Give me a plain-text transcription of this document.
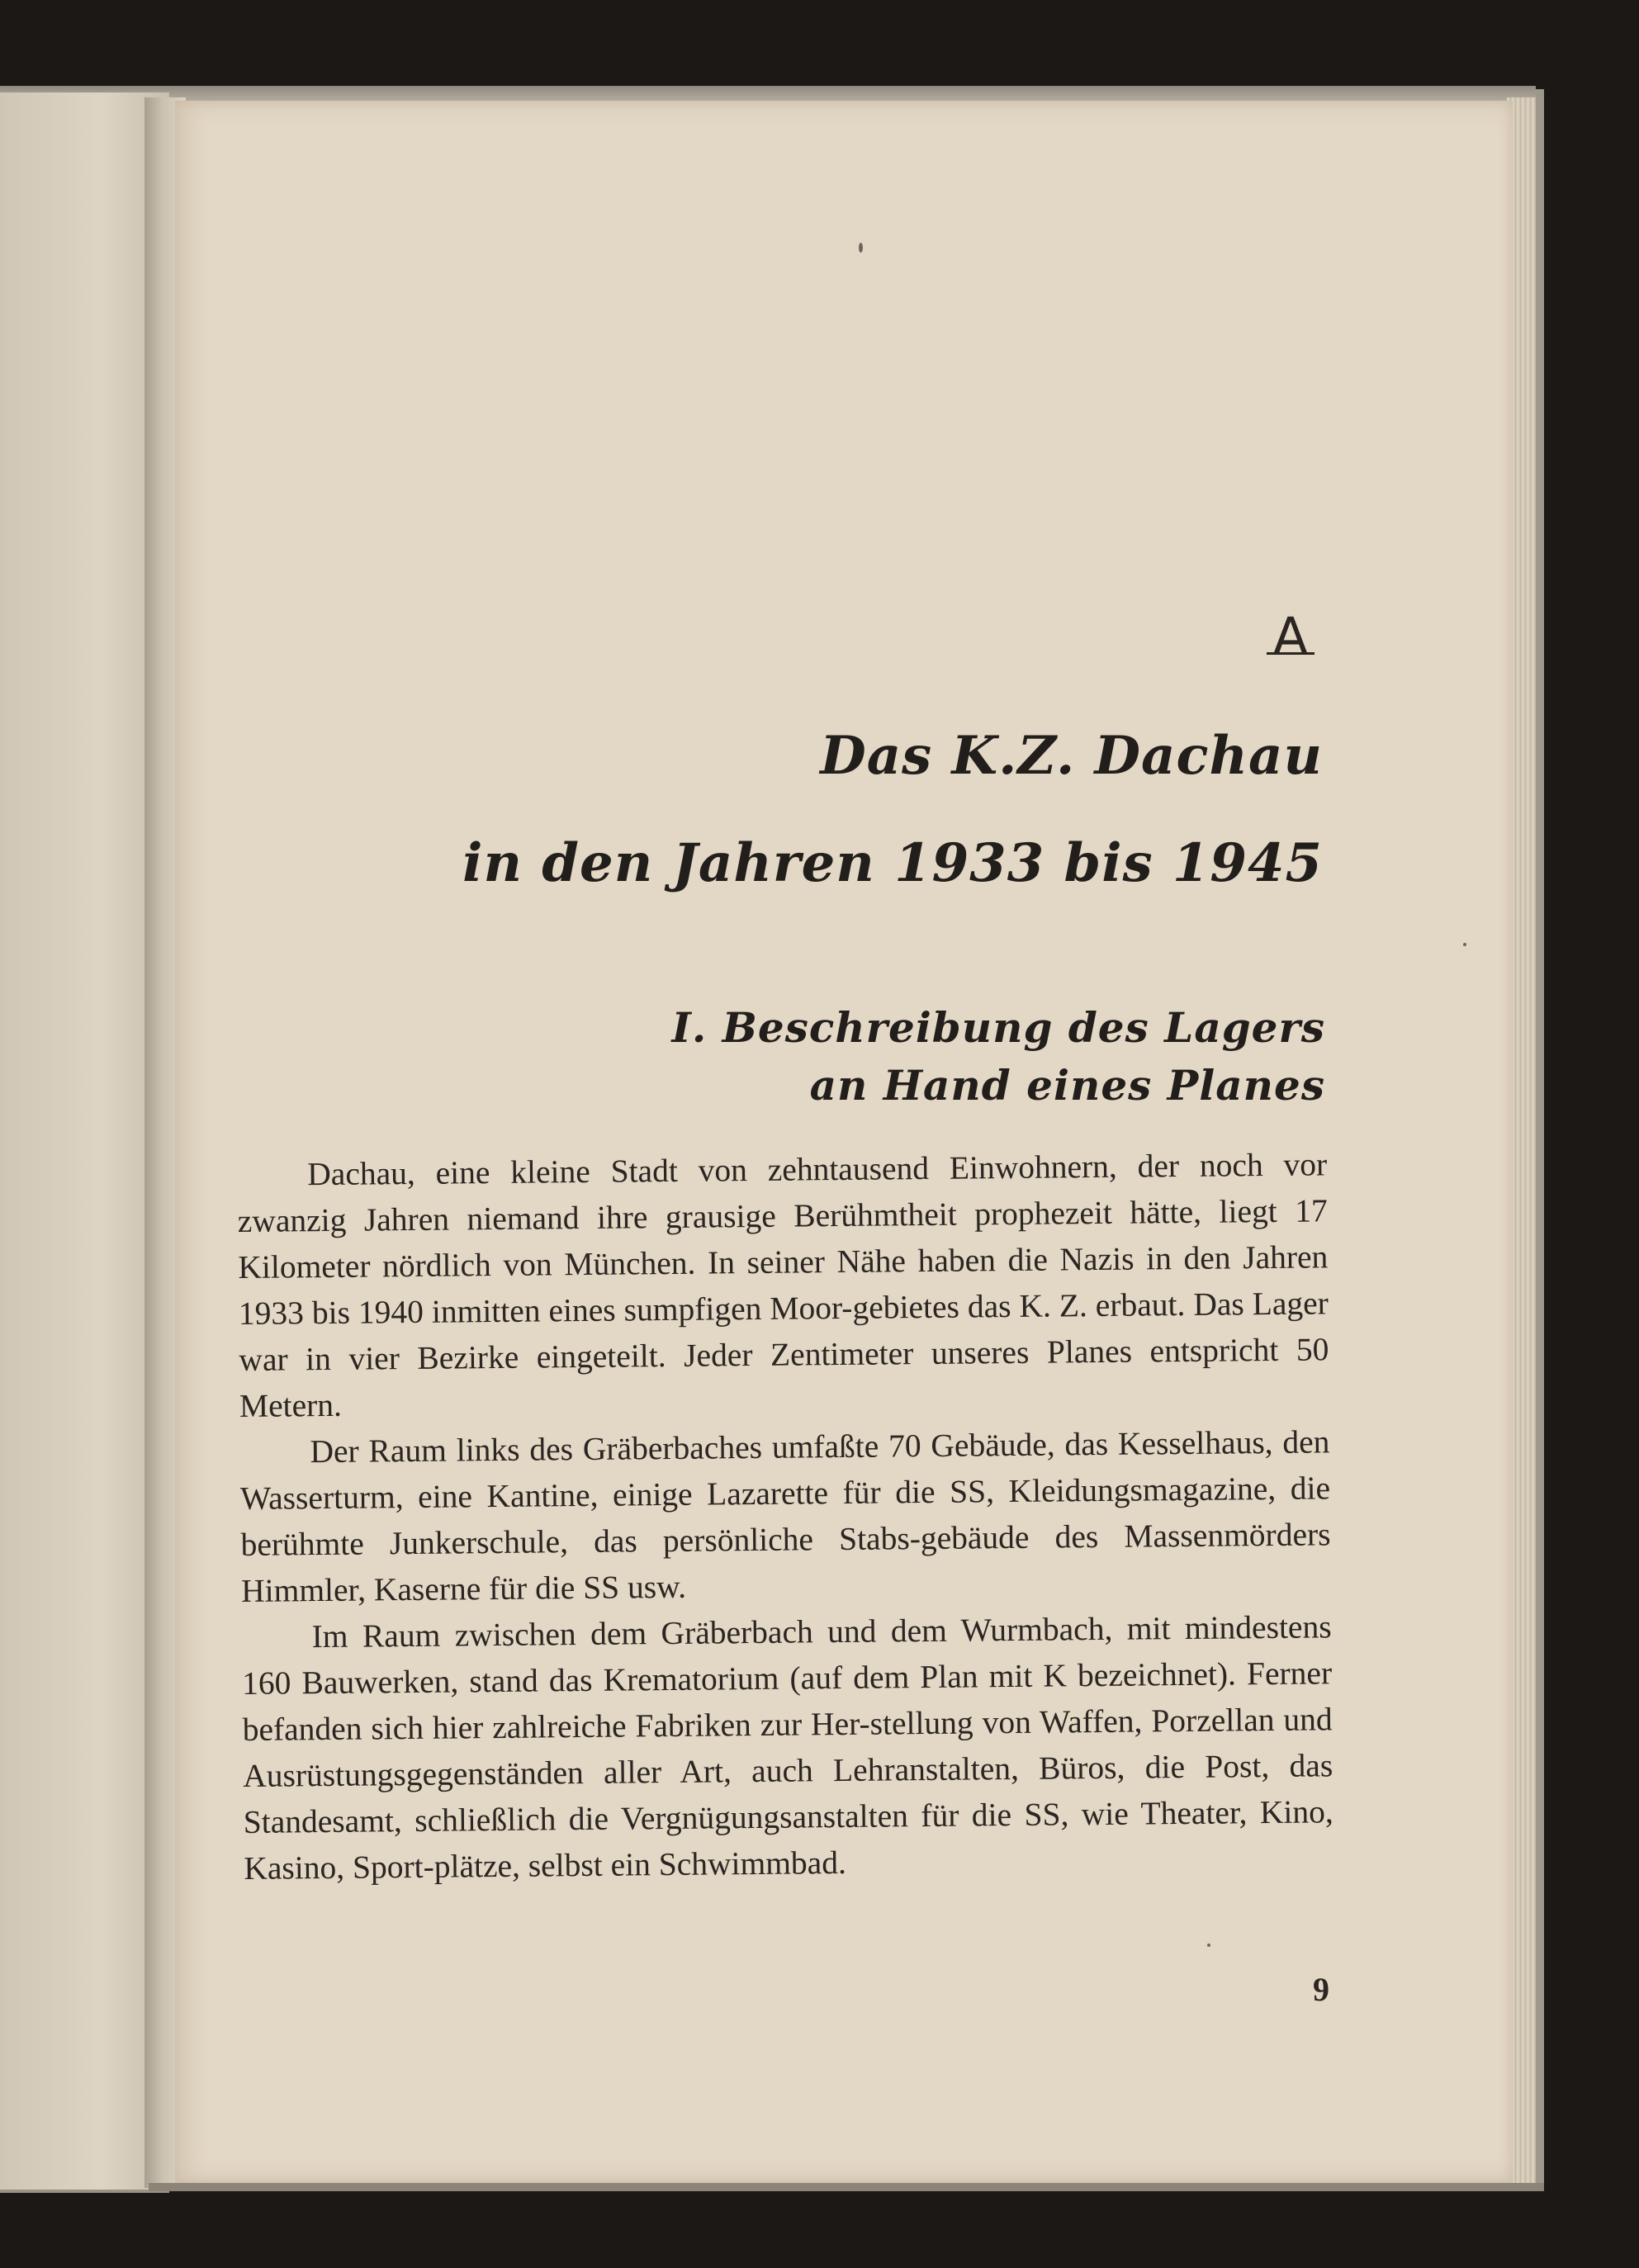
A
Das K.Z. Dachau
in den Jahren 1933 bis 1945
I. Beschreibung des Lagers
an Hand eines Planes

Dachau, eine kleine Stadt von zehntausend Einwohnern, der noch vor zwanzig Jahren niemand ihre grausige Berühmtheit prophezeit hätte, liegt 17 Kilometer nördlich von München. In seiner Nähe haben die Nazis in den Jahren 1933 bis 1940 inmitten eines sumpfigen Moor-gebietes das K. Z. erbaut. Das Lager war in vier Bezirke eingeteilt. Jeder Zentimeter unseres Planes entspricht 50 Metern.

Der Raum links des Gräberbaches umfaßte 70 Gebäude, das Kesselhaus, den Wasserturm, eine Kantine, einige Lazarette für die SS, Kleidungsmagazine, die berühmte Junkerschule, das persönliche Stabs-gebäude des Massenmörders Himmler, Kaserne für die SS usw.

Im Raum zwischen dem Gräberbach und dem Wurmbach, mit mindestens 160 Bauwerken, stand das Krematorium (auf dem Plan mit K bezeichnet). Ferner befanden sich hier zahlreiche Fabriken zur Her-stellung von Waffen, Porzellan und Ausrüstungsgegenständen aller Art, auch Lehranstalten, Büros, die Post, das Standesamt, schließlich die Vergnügungsanstalten für die SS, wie Theater, Kino, Kasino, Sport-plätze, selbst ein Schwimmbad.

9
